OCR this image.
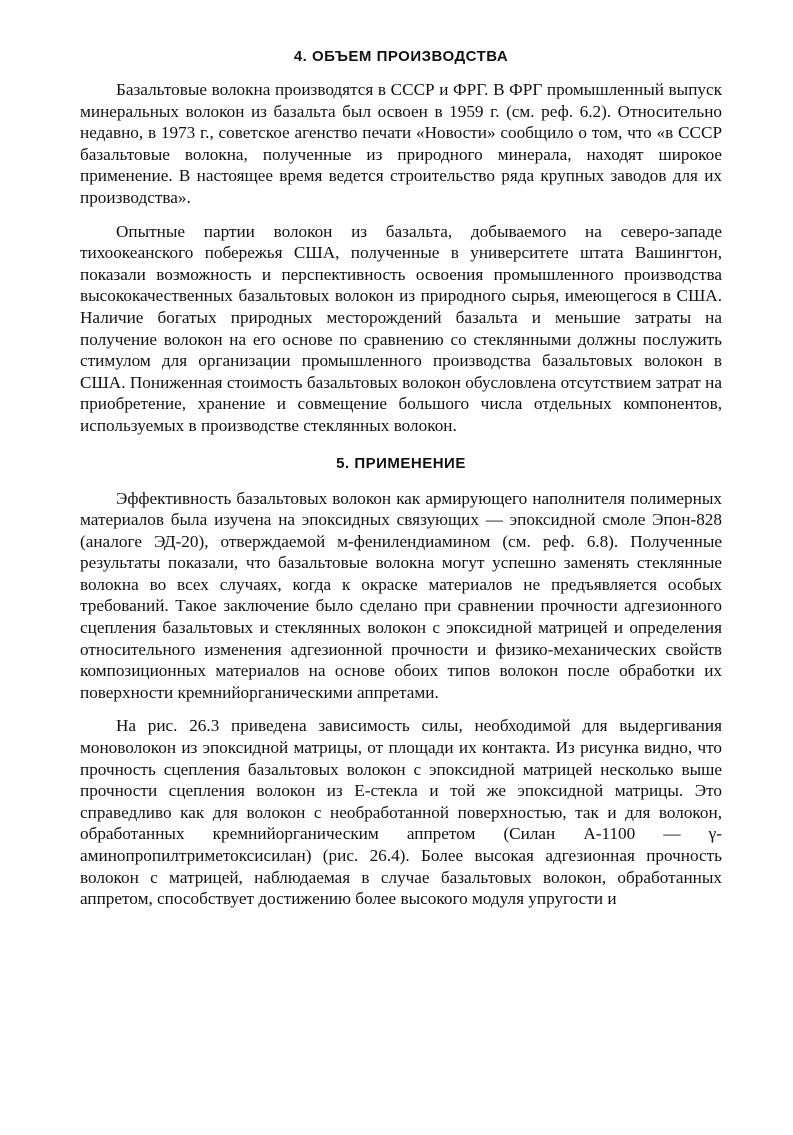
4. ОБЪЕМ ПРОИЗВОДСТВА

Базальтовые волокна производятся в СССР и ФРГ. В ФРГ промышленный выпуск минеральных волокон из базальта был освоен в 1959 г. (см. реф. 6.2). Относительно недавно, в 1973 г., советское агенство печати «Новости» сообщило о том, что «в СССР базальтовые волокна, полученные из природного минерала, находят широкое применение. В настоящее время ведется строительство ряда крупных заводов для их производства».

Опытные партии волокон из базальта, добываемого на северо-западе тихоокеанского побережья США, полученные в университете штата Вашингтон, показали возможность и перспективность освоения промышленного производства высококачественных базальтовых волокон из природного сырья, имеющегося в США. Наличие богатых природных месторождений базальта и меньшие затраты на получение волокон на его основе по сравнению со стеклянными должны послужить стимулом для организации промышленного производства базальтовых волокон в США. Пониженная стоимость базальтовых волокон обусловлена отсутствием затрат на приобретение, хранение и совмещение большого числа отдельных компонентов, используемых в производстве стеклянных волокон.

5. ПРИМЕНЕНИЕ

Эффективность базальтовых волокон как армирующего наполнителя полимерных материалов была изучена на эпоксидных связующих — эпоксидной смоле Эпон-828 (аналоге ЭД-20), отверждаемой м-фенилендиамином (см. реф. 6.8). Полученные результаты показали, что базальтовые волокна могут успешно заменять стеклянные волокна во всех случаях, когда к окраске материалов не предъявляется особых требований. Такое заключение было сделано при сравнении прочности адгезионного сцепления базальтовых и стеклянных волокон с эпоксидной матрицей и определения относительного изменения адгезионной прочности и физико-механических свойств композиционных материалов на основе обоих типов волокон после обработки их поверхности кремнийорганическими аппретами.

На рис. 26.3 приведена зависимость силы, необходимой для выдергивания моноволокон из эпоксидной матрицы, от площади их контакта. Из рисунка видно, что прочность сцепления базальтовых волокон с эпоксидной матрицей несколько выше прочности сцепления волокон из Е-стекла и той же эпоксидной матрицы. Это справедливо как для волокон с необработанной поверхностью, так и для волокон, обработанных кремнийорганическим аппретом (Силан А-1100 — γ-аминопропилтриметоксисилан) (рис. 26.4). Более высокая адгезионная прочность волокон с матрицей, наблюдаемая в случае базальтовых волокон, обработанных аппретом, способствует достижению более высокого модуля упругости и
